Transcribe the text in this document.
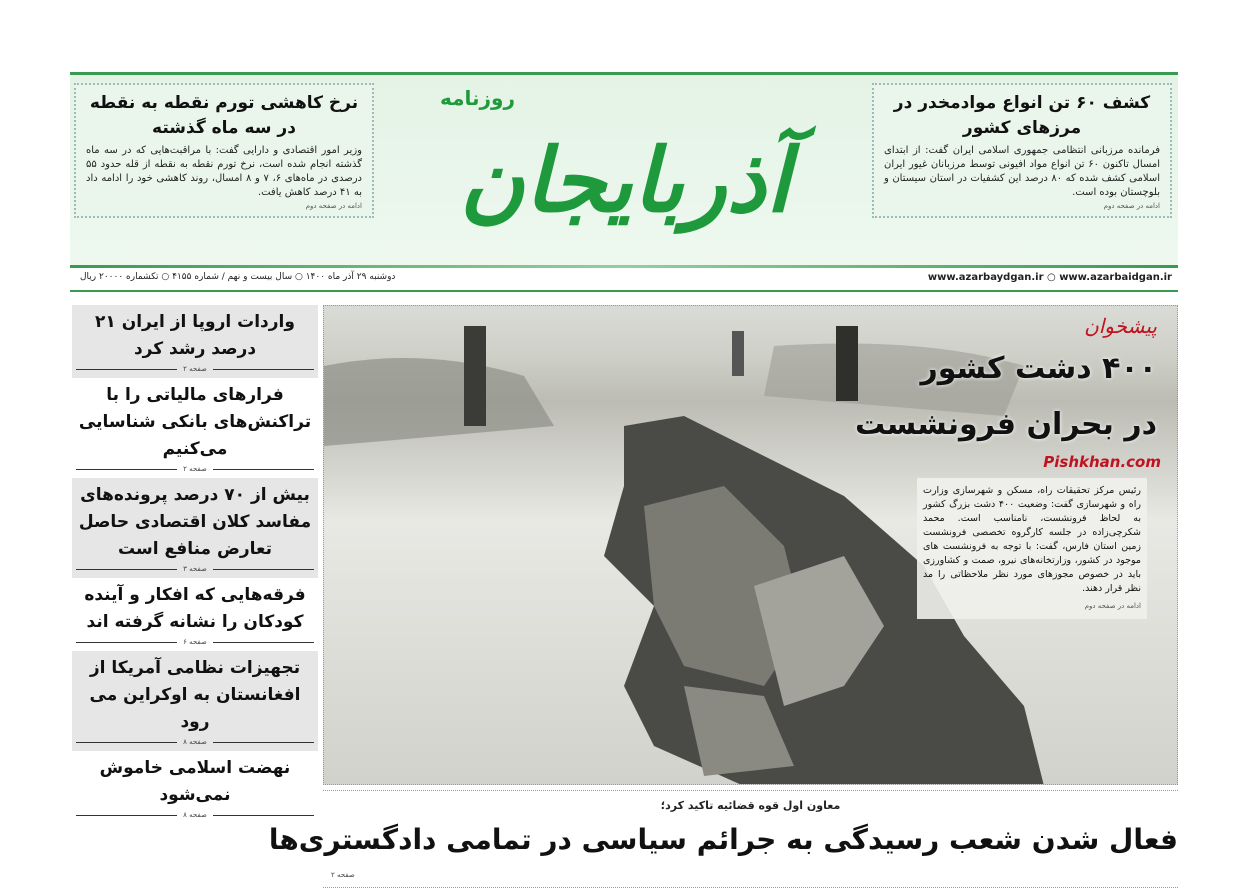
کشف ۶۰ تن انواع موادمخدر در مرزهای کشور

فرمانده مرزبانی انتظامی جمهوری اسلامی ایران گفت: از ابتدای امسال تاکنون ۶۰ تن انواع مواد افیونی توسط مرزبانان غیور ایران اسلامی کشف شده که ۸۰ درصد این کشفیات در استان سیستان و بلوچستان بوده است.

ادامه در صفحه دوم
آذربایجان
روزنامه
نرخ کاهشی تورم نقطه به نقطه در سه ماه گذشته

وزیر امور اقتصادی و دارایی گفت: با مراقبت‌هایی که در سه ماه گذشته انجام شده است، نرخ تورم نقطه به نقطه از قله حدود ۵۵ درصدی در ماه‌های ۶، ۷ و ۸ امسال، روند کاهشی خود را ادامه داد به ۴۱ درصد کاهش یافت.

ادامه در صفحه دوم
دوشنبه ۲۹ آذر ماه ۱۴۰۰ ○ سال بیست و نهم / شماره ۴۱۵۵ ○ تکشماره ۲۰۰۰۰ ریال	www.azarbaydgan.ir ○ www.azarbaidgan.ir
واردات اروپا از ایران ۲۱ درصد رشد کرد
صفحه ۲
فرارهای مالیاتی را با تراکنش‌های بانکی شناسایی می‌کنیم
صفحه ۲
بیش از ۷۰ درصد پرونده‌های مفاسد کلان اقتصادی حاصل تعارض منافع است
صفحه ۳
فرقه‌هایی که افکار و آینده کودکان را نشانه گرفته اند
صفحه ۶
تجهیزات نظامی آمریکا از افغانستان به اوکراین می رود
صفحه ۸
نهضت اسلامی خاموش نمی‌شود
صفحه ۸
پیشخوان
۴۰۰ دشت کشور
در بحران فرونشست
Pishkhan.com
رئیس مرکز تحقیقات راه، مسکن و شهرسازی وزارت راه و شهرسازی گفت: وضعیت ۴۰۰ دشت بزرگ کشور به لحاظ فرونشست، نامناسب است. محمد شکرچی‌زاده در جلسه کارگروه تخصصی فرونشست زمین استان فارس، گفت: با توجه به فرونشست های موجود در کشور، وزارتخانه‌های نیرو، صمت و کشاورزی باید در خصوص مجوزهای مورد نظر ملاحظاتی را مد نظر قرار دهند.
ادامه در صفحه دوم
معاون اول قوه قضائیه تاکید کرد؛
فعال شدن شعب رسیدگی به جرائم سیاسی در تمامی دادگستری‌ها
صفحه ۲
